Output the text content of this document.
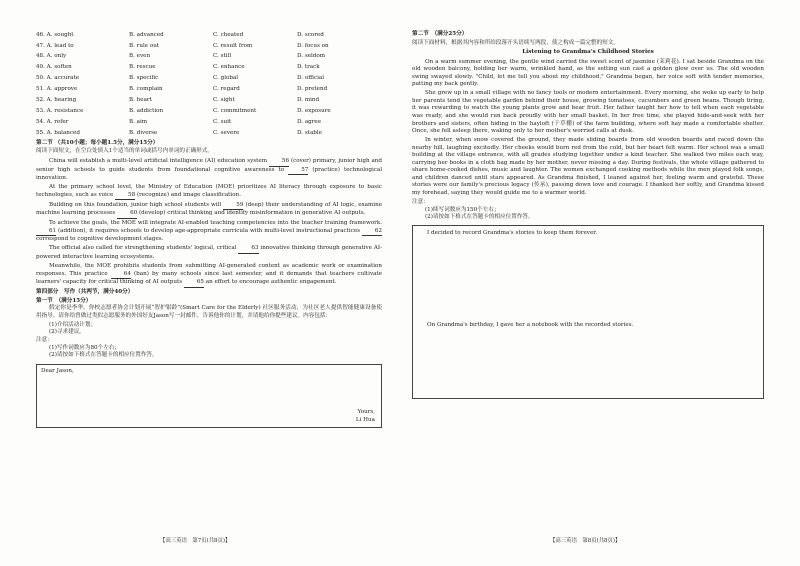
46. A. sought	B. advanced	C. cheated	D. scored
47. A. lead to	B. rule out	C. result from	D. focus on
48. A. only	B. even	C. still	D. seldom
49. A. soften	B. rescue	C. enhance	D. track
50. A. accurate	B. specific	C. global	D. official
51. A. approve	B. complain	C. regard	D. pretend
52. A. hearing	B. heart	C. sight	D. mind
53. A. resistance	B. addiction	C. commitment	D. exposure
54. A. refer	B. aim	C. suit	D. agree
55. A. balanced	B. diverse	C. severe	D. stable
第二节 （共10小题；每小题1.5分，满分15分）
阅读下面短文，在空白处填入1个适当的单词或括号内单词的正确形式。

China will establish a multi-level artificial intelligence (AI) education system 56 (cover) primary, junior high and senior high schools to guide students from foundational cognitive awareness to 57 (practice) technological innovation.

At the primary school level, the Ministry of Education (MOE) prioritizes AI literacy through exposure to basic technologies, such as voice 58 (recognize) and image classification.

Building on this foundation, junior high school students will 59 (deep) their understanding of AI logic, examine machine learning processes 60 (develop) critical thinking and identify misinformation in generative AI outputs.

To achieve the goals, the MOE will integrate AI-enabled teaching competencies into the teacher training framework. 61 (addition), it requires schools to develop age-appropriate curricula with multi-level instructional practices 62 correspond to cognitive development stages.

The official also called for strengthening students' logical, critical 63 innovative thinking through generative AI-powered interactive learning ecosystems.

Meanwhile, the MOE prohibits students from submitting AI-generated content as academic work or examination responses. This practice 64 (ban) by many schools since last semester, and it demands that teachers cultivate learners' capacity for critical thinking of AI outputs 65 an effort to encourage authentic engagement.

第四部分　写作（共两节，满分40分）
第一节　（满分15分）

假定你是李华，你校志愿者协会计划开展“智护银龄”(Smart Care for the Elderly) 社区服务活动，为社区老人提供智能健康设备使用指导。请你给曾做过类似志愿服务的外国好友Jason写一封邮件，告诉他你的计划，并请他给你提些建议。内容包括：

(1)介绍活动计划；
(2)寻求建议。
注意：
(1)写作词数应为80个左右；
(2)请按如下格式在答题卡的相应位置作答。
Dear Jason,
Yours,
Li Hua
第二节　（满分25分）
阅读下面材料，根据其内容和所给段落开头语续写两段，使之构成一篇完整的短文。
Listening to Grandma's Childhood Stories

On a warm summer evening, the gentle wind carried the sweet scent of jasmine (茉莉花). I sat beside Grandma on the old wooden balcony, holding her warm, wrinkled hand, as the setting sun cast a golden glow over us. The old wooden swing swayed slowly. "Child, let me tell you about my childhood," Grandma began, her voice soft with tender memories, patting my back gently.

She grew up in a small village with no fancy tools or modern entertainment. Every morning, she woke up early to help her parents tend the vegetable garden behind their house, growing tomatoes, cucumbers and green beans. Though tiring, it was rewarding to watch the young plants grow and bear fruit. Her father taught her how to tell when each vegetable was ready, and she would run back proudly with her small basket. In her free time, she played hide-and-seek with her brothers and sisters, often hiding in the hayloft (干草棚) of the farm building, where soft hay made a comfortable shelter. Once, she fell asleep there, waking only to her mother's worried calls at dusk.

In winter, when snow covered the ground, they made sliding boards from old wooden boards and raced down the nearby hill, laughing excitedly. Her cheeks would burn red from the cold, but her heart felt warm. Her school was a small building at the village entrance, with all grades studying together under a kind teacher. She walked two miles each way, carrying her books in a cloth bag made by her mother, never missing a day. During festivals, the whole village gathered to share home-cooked dishes, music and laughter. The women exchanged cooking methods while the men played folk songs, and children danced until stars appeared. As Grandma finished, I leaned against her, feeling warm and grateful. These stories were our family's precious legacy (传承), passing down love and courage. I thanked her softly, and Grandma kissed my forehead, saying they would guide me to a warmer world.

注意：
(1)续写词数应为150个左右；
(2)请按如下格式在答题卡的相应位置作答。
I decided to record Grandma's stories to keep them forever.
On Grandma's birthday, I gave her a notebook with the recorded stories.
【高三英语　第7页(共8页)】	【高三英语　第8页(共8页)】
